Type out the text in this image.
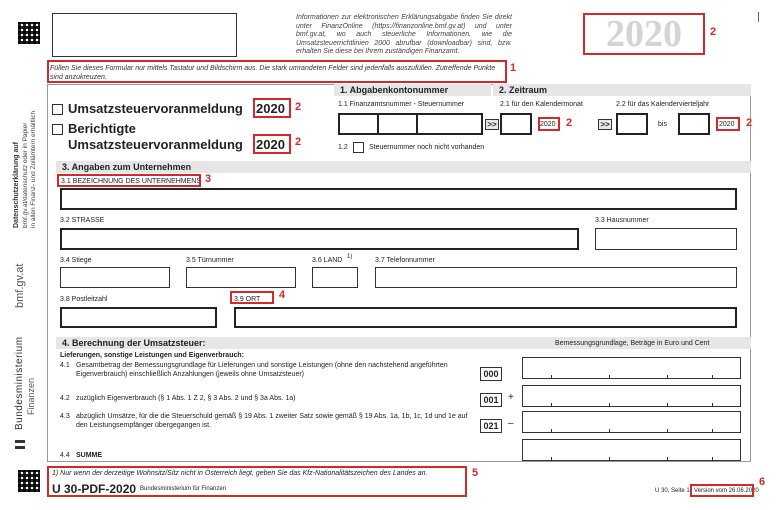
Informationen zur elektronischen Erklärungsabgabe finden Sie direkt unter FinanzOnline (https://finanzonline.bmf.gv.at) und unter bmf.gv.at, wo auch steuerliche Informationen, wie die Umsatzsteuerrichtlinien 2000 abrufbar (downloadbar) sind, bzw. erhalten Sie diese bei Ihrem zuständigen Finanzamt.	2020	2
Füllen Sie dieses Formular nur mittels Tastatur und Bildschirm aus. Die stark umrandeten Felder sind jedenfalls auszufüllen. Zutreffende Punkte sind anzukreuzen.
1
Datenschutzerklärung auf bmf.gv.at/datenschutz oder in Papier in allen Finanz- und Zollämtern erhältlich
bmf.gv.at
Bundesministerium Finanzen
Umsatzsteuervoranmeldung 2020 2
Berichtigte
Umsatzsteuervoranmeldung 2020 2
1. Abgabenkontonummer
1.1 Finanzamtsnummer - Steuernummer
>>
1.2	Steuernummer noch nicht vorhanden
2. Zeitraum
2.1 für den Kalendermonat	2.2 für das Kalendervierteljahr
2020 2	>>	bis	2020 2
3. Angaben zum Unternehmen
3.1 BEZEICHNUNG DES UNTERNEHMENS 3
3.2 STRASSE	3.3 Hausnummer
3.4 Stiege	3.5 Türnummer	3.6 LAND 1)	3.7 Telefonnummer
3.8 Postleitzahl	3.9 ORT 4
4. Berechnung der Umsatzsteuer:	Bemessungsgrundlage, Beträge in Euro und Cent
Lieferungen, sonstige Leistungen und Eigenverbrauch:
4.1 Gesamtbetrag der Bemessungsgrundlage für Lieferungen und sonstige Leistungen (ohne den nachstehend angeführten Eigenverbrauch) einschließlich Anzahlungen (jeweils ohne Umsatzsteuer)	000
4.2 zuzüglich Eigenverbrauch (§ 1 Abs. 1 Z 2, § 3 Abs. 2 und § 3a Abs. 1a)	001 +
4.3 abzüglich Umsätze, für die die Steuerschuld gemäß § 19 Abs. 1 zweiter Satz sowie gemäß § 19 Abs. 1a, 1b, 1c, 1d und 1e auf den Leistungsempfänger übergegangen ist.	021 –
4.4 SUMME
1) Nur wenn der derzeitige Wohnsitz/Sitz nicht in Österreich liegt, geben Sie das Kfz-Nationalitätszeichen des Landes an.
U 30-PDF-2020 Bundesministerium für Finanzen
5
U 30, Seite 1, Version vom 26.06.2020
6
